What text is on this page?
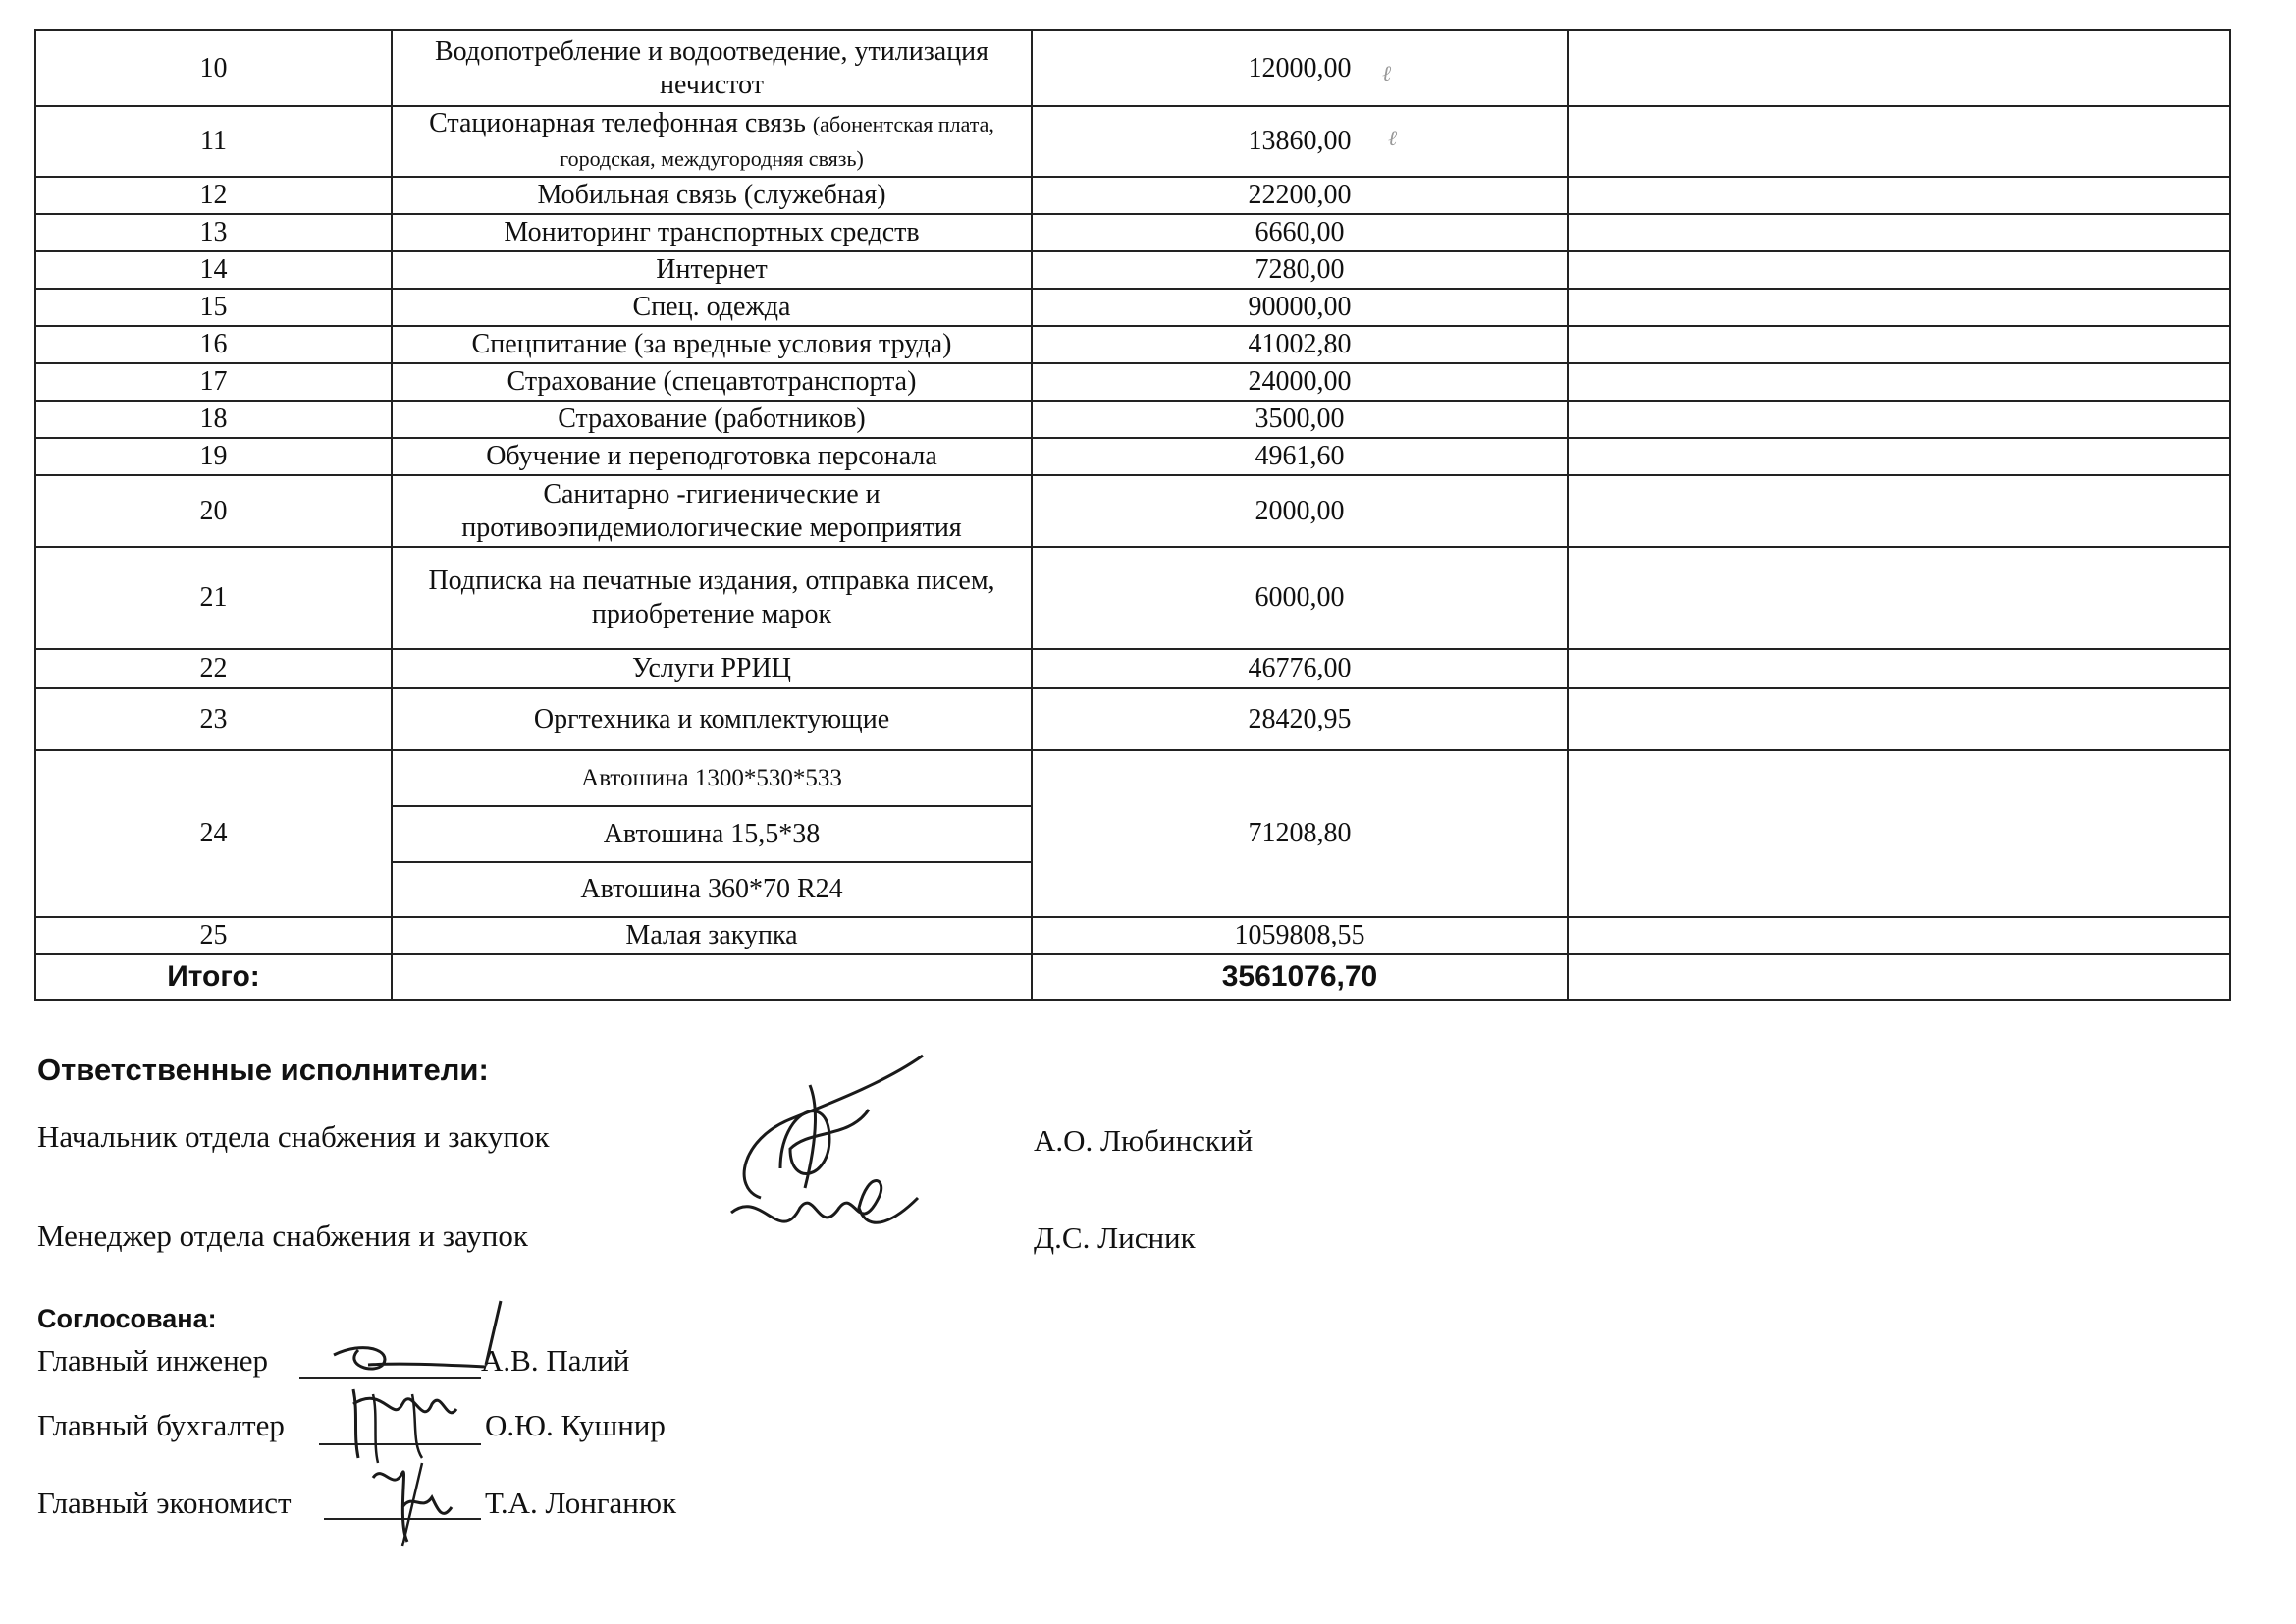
10	Водопотребление и водоотведение, утилизация нечистот	12000,00	
11	Стационарная телефонная связь (абонентская плата, городская, междугородняя связь)	13860,00	
12	Мобильная связь (служебная)	22200,00	
13	Мониторинг транспортных средств	6660,00	
14	Интернет	7280,00	
15	Спец. одежда	90000,00	
16	Спецпитание (за вредные условия труда)	41002,80	
17	Страхование (спецавтотранспорта)	24000,00	
18	Страхование (работников)	3500,00	
19	Обучение и переподготовка персонала	4961,60	
20	Санитарно -гигиенические и противоэпидемиологические мероприятия	2000,00	
21	Подписка на печатные издания, отправка писем, приобретение марок	6000,00	
22	Услуги РРИЦ	46776,00	
23	Оргтехника и комплектующие	28420,95	
24	Автошина 1300*530*533	71208,80	
	Автошина 15,5*38		
	Автошина 360*70 R24		
25	Малая закупка	1059808,55	
Итого:		3561076,70	
ℓ
ℓ
Ответственные исполнители:
Начальник отдела снабжения и закупок	А.О. Любинский
Менеджер отдела снабжения и заупок	Д.С. Лисник
Соглосована:
Главный инженер	А.В. Палий
Главный бухгалтер	О.Ю. Кушнир
Главный экономист	Т.А. Лонганюк
